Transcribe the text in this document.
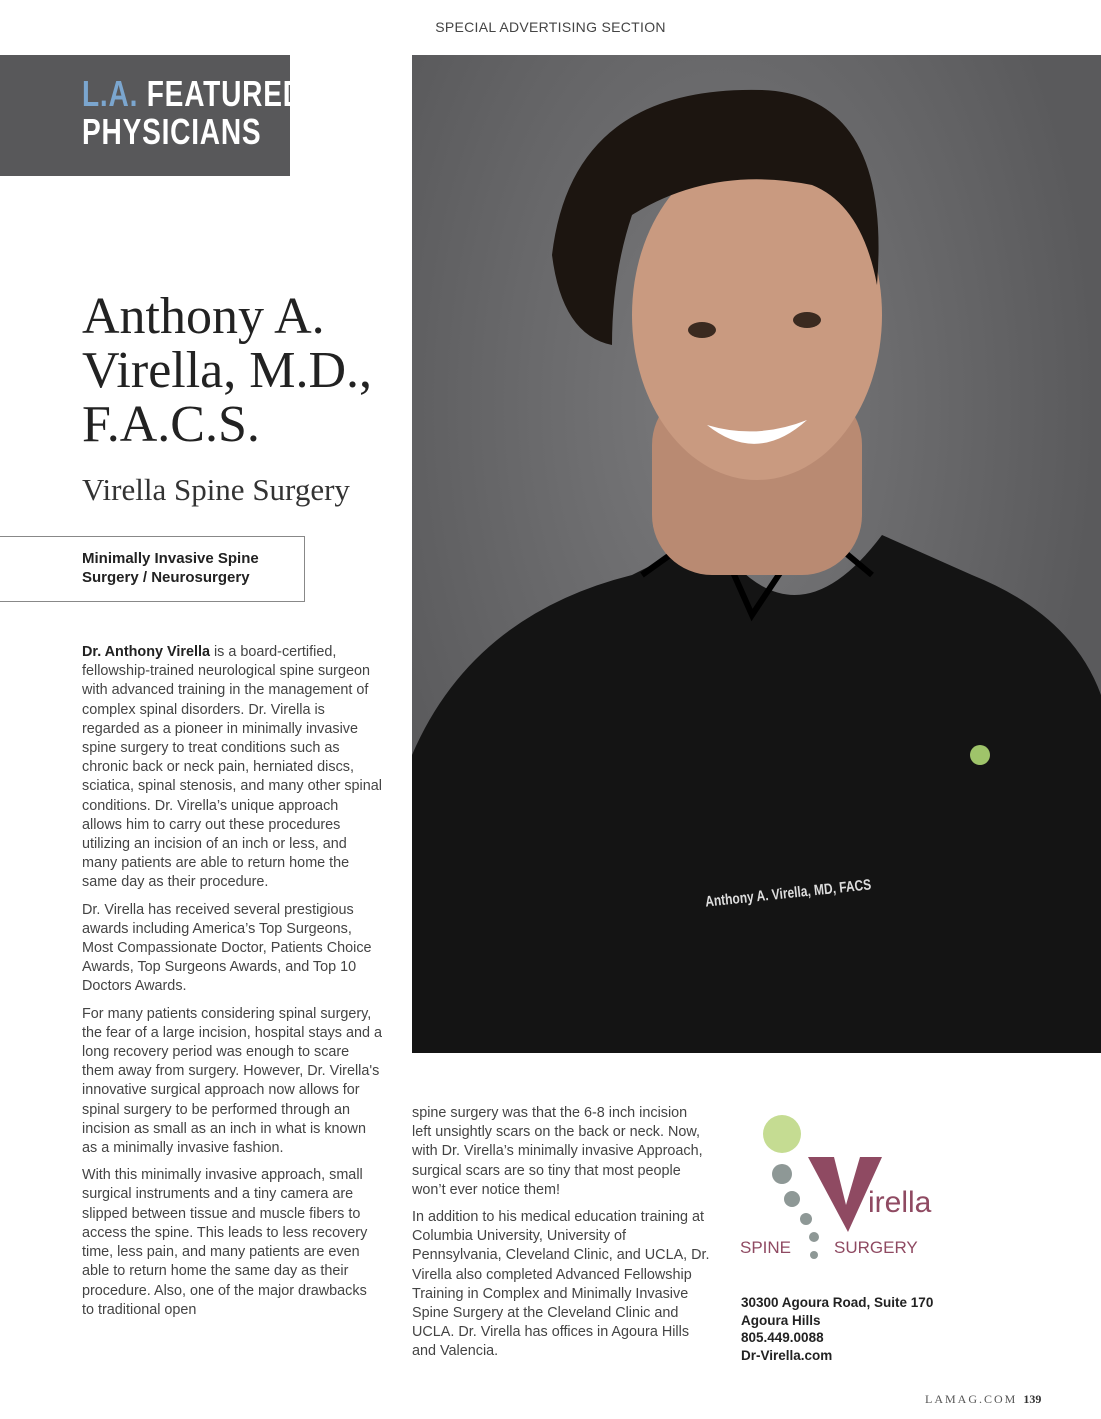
SPECIAL ADVERTISING SECTION
L.A. FEATURED
PHYSICIANS
Anthony A.
Virella, M.D.,
F.A.C.S.
Virella Spine Surgery
Minimally Invasive Spine
Surgery / Neurosurgery

Dr. Anthony Virella is a board-certified, fellowship-trained neurological spine surgeon with advanced training in the management of complex spinal disorders. Dr. Virella is regarded as a pioneer in minimally invasive spine surgery to treat conditions such as chronic back or neck pain, herniated discs, sciatica, spinal stenosis, and many other spinal conditions. Dr. Virella’s unique approach allows him to carry out these procedures utilizing an incision of an inch or less, and many patients are able to return home the same day as their procedure.

Dr. Virella has received several prestigious awards including America’s Top Surgeons, Most Compassionate Doctor, Patients Choice Awards, Top Surgeons Awards, and Top 10 Doctors Awards.

For many patients considering spinal surgery, the fear of a large incision, hospital stays and a long recovery period was enough to scare them away from surgery. However, Dr. Virella's innovative surgical approach now allows for spinal surgery to be performed through an incision as small as an inch in what is known as a minimally invasive fashion.

With this minimally invasive approach, small surgical instruments and a tiny camera are slipped between tissue and muscle fibers to access the spine. This leads to less recovery time, less pain, and many patients are even able to return home the same day as their procedure. Also, one of the major drawbacks to traditional open

Anthony A. Virella, MD, FACS

spine surgery was that the 6-8 inch incision left unsightly scars on the back or neck. Now, with Dr. Virella’s minimally invasive Approach, surgical scars are so tiny that most people won’t ever notice them!

In addition to his medical education training at Columbia University, University of Pennsylvania, Cleveland Clinic, and UCLA, Dr. Virella also completed Advanced Fellowship Training in Complex and Minimally Invasive Spine Surgery at the Cleveland Clinic and UCLA. Dr. Virella has offices in Agoura Hills and Valencia.

irella
SPINE	SURGERY
30300 Agoura Road, Suite 170
Agoura Hills
805.449.0088
Dr-Virella.com
LAMAG.COM 139
